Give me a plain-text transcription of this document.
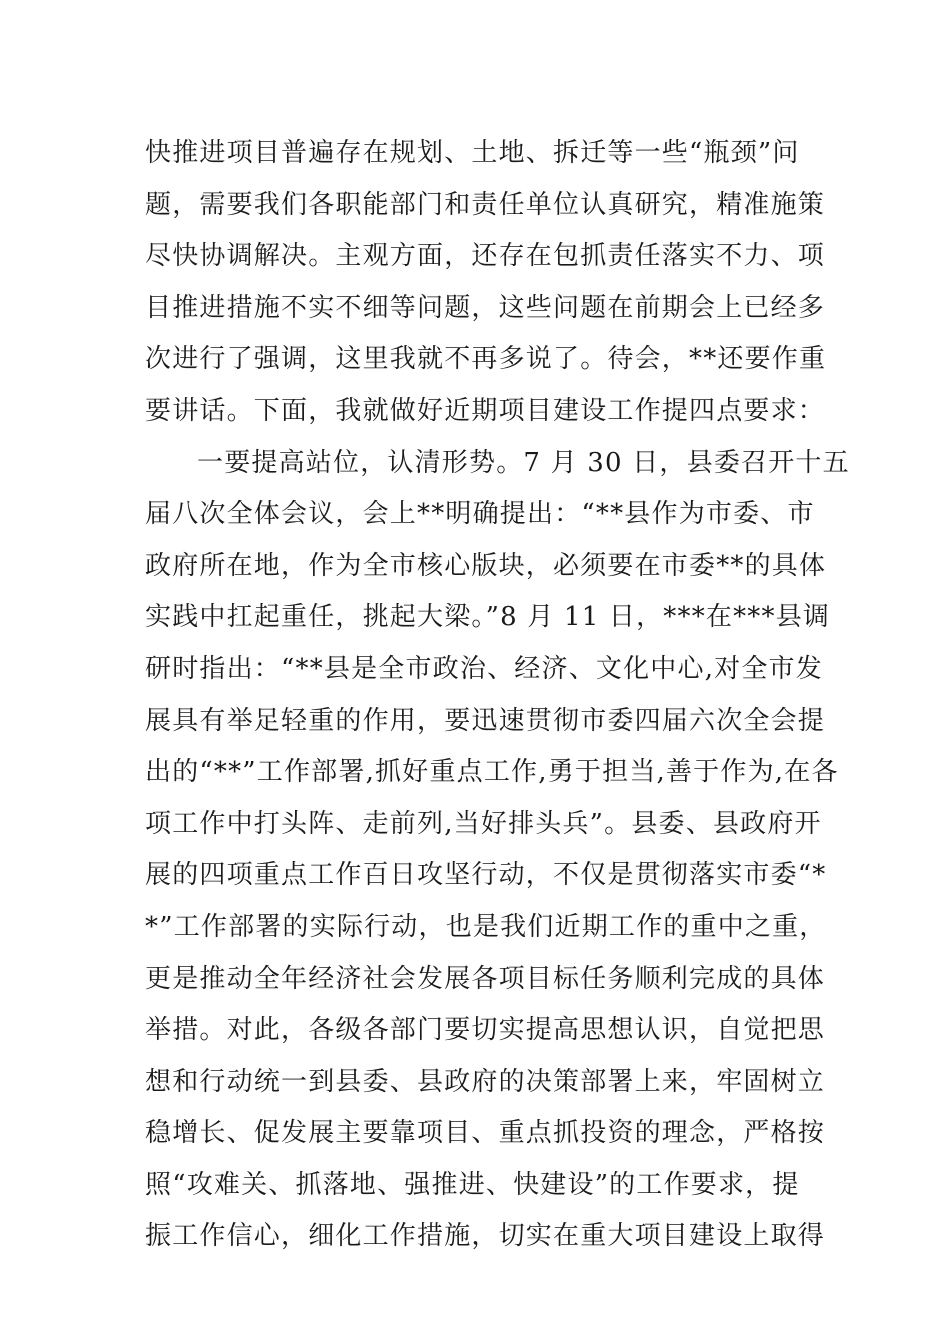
快推进项目普遍存在规划、土地、拆迁等一些“瓶颈”问
题，需要我们各职能部门和责任单位认真研究，精准施策
尽快协调解决。主观方面，还存在包抓责任落实不力、项
目推进措施不实不细等问题，这些问题在前期会上已经多
次进行了强调，这里我就不再多说了。待会，**还要作重
要讲话。下面，我就做好近期项目建设工作提四点要求：
一要提高站位，认清形势。7 月 30 日，县委召开十五
届八次全体会议，会上**明确提出：“**县作为市委、市
政府所在地，作为全市核心版块，必须要在市委**的具体
实践中扛起重任，挑起大梁。”8 月 11 日，***在***县调
研时指出：“**县是全市政治、经济、文化中心,对全市发
展具有举足轻重的作用，要迅速贯彻市委四届六次全会提
出的“**”工作部署,抓好重点工作,勇于担当,善于作为,在各
项工作中打头阵、走前列,当好排头兵”。县委、县政府开
展的四项重点工作百日攻坚行动，不仅是贯彻落实市委“*
*”工作部署的实际行动，也是我们近期工作的重中之重，
更是推动全年经济社会发展各项目标任务顺利完成的具体
举措。对此，各级各部门要切实提高思想认识，自觉把思
想和行动统一到县委、县政府的决策部署上来，牢固树立
稳增长、促发展主要靠项目、重点抓投资的理念，严格按
照“攻难关、抓落地、强推进、快建设”的工作要求，提
振工作信心，细化工作措施，切实在重大项目建设上取得
